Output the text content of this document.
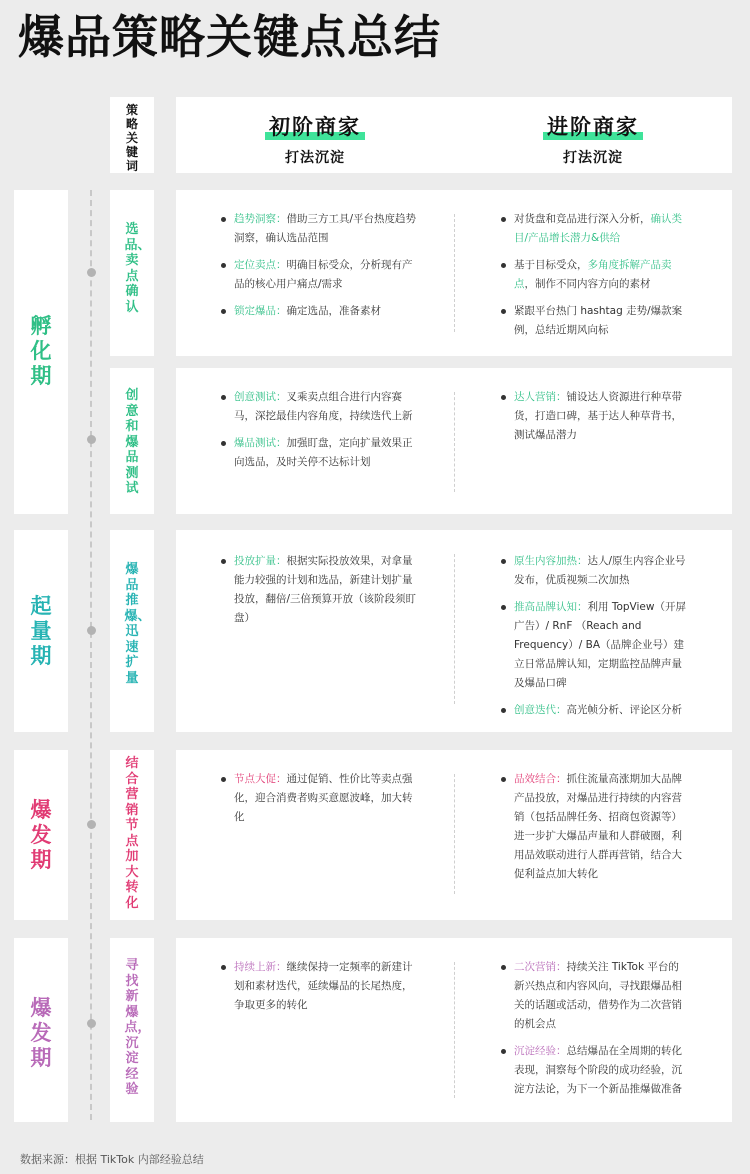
爆品策略关键点总结
策略关键词
初阶商家
打法沉淀
进阶商家
打法沉淀
孵化期
起量期
爆发期
爆发期
选品、卖点确认
趋势洞察：借助三方工具/平台热度趋势洞察，确认选品范围
定位卖点：明确目标受众，分析现有产品的核心用户痛点/需求
锁定爆品：确定选品，准备素材
对货盘和竞品进行深入分析，确认类目/产品增长潜力&供给
基于目标受众，多角度拆解产品卖点，制作不同内容方向的素材
紧跟平台热门 hashtag 走势/爆款案例，总结近期风向标
创意和爆品测试
创意测试：叉乘卖点组合进行内容赛马，深挖最佳内容角度，持续迭代上新
爆品测试：加强盯盘，定向扩量效果正向选品，及时关停不达标计划
达人营销：铺设达人资源进行种草带货，打造口碑，基于达人种草背书，测试爆品潜力
爆品推爆、迅速扩量
投放扩量：根据实际投放效果，对拿量能力较强的计划和选品，新建计划扩量投放，翻倍/三倍预算开放（该阶段须盯盘）
原生内容加热：达人/原生内容企业号发布，优质视频二次加热
推高品牌认知：利用 TopView（开屏广告）/ RnF （Reach and Frequency）/ BA（品牌企业号）建立日常品牌认知，定期监控品牌声量及爆品口碑
创意迭代：高光帧分析、评论区分析
结合营销节点加大转化
节点大促：通过促销、性价比等卖点强化，迎合消费者购买意愿波峰，加大转化
品效结合：抓住流量高涨期加大品牌产品投放，对爆品进行持续的内容营销（包括品牌任务、招商包资源等）进一步扩大爆品声量和人群破圈，利用品效联动进行人群再营销，结合大促利益点加大转化
寻找新爆点，沉淀经验
持续上新：继续保持一定频率的新建计划和素材迭代，延续爆品的长尾热度，争取更多的转化
二次营销：持续关注 TikTok 平台的新兴热点和内容风向，寻找跟爆品相关的话题或活动，借势作为二次营销的机会点
沉淀经验：总结爆品在全周期的转化表现，洞察每个阶段的成功经验，沉淀方法论，为下一个新品推爆做准备
数据来源：根据 TikTok 内部经验总结
